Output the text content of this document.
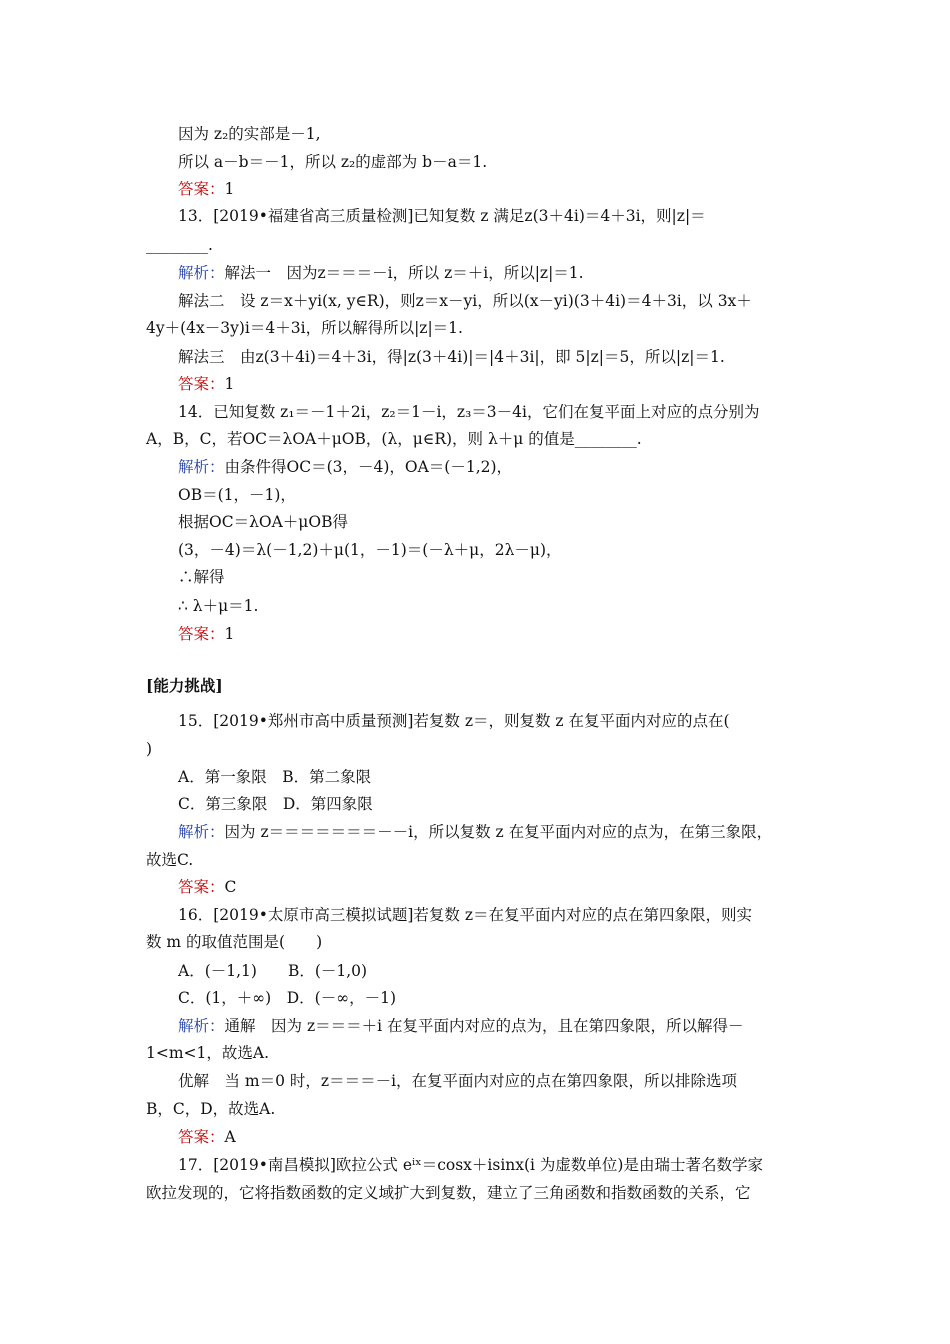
因为 z₂的实部是－1,
所以 a－b＝－1，所以 z₂的虚部为 b－a＝1.
答案：1
13．[2019•福建省高三质量检测]已知复数 z 满足z(3＋4i)＝4＋3i，则|z|＝
________.
解析：解法一　因为z＝＝＝－i，所以 z＝＋i，所以|z|＝1.
解法二　设 z＝x＋yi(x, y∈R)，则z＝x－yi，所以(x－yi)(3＋4i)＝4＋3i，以 3x＋
4y＋(4x－3y)i＝4＋3i，所以解得所以|z|＝1.
解法三　由z(3＋4i)＝4＋3i，得|z(3＋4i)|＝|4＋3i|，即 5|z|＝5，所以|z|＝1.
答案：1
14．已知复数 z₁＝－1＋2i，z₂＝1－i，z₃＝3－4i，它们在复平面上对应的点分别为
A，B，C，若OC＝λOA＋μOB，(λ，μ∈R)，则 λ＋μ 的值是________.
解析：由条件得OC＝(3，－4)，OA＝(－1,2)，
OB＝(1，－1)，
根据OC＝λOA＋μOB得
(3，－4)＝λ(－1,2)＋μ(1，－1)＝(－λ＋μ，2λ－μ)，
∴解得
∴ λ＋μ＝1.
答案：1
[能力挑战]
15．[2019•郑州市高中质量预测]若复数 z＝，则复数 z 在复平面内对应的点在(
)
A．第一象限　B．第二象限
C．第三象限　D．第四象限
解析：因为 z＝＝＝＝＝＝＝－－i，所以复数 z 在复平面内对应的点为，在第三象限，
故选C.
答案：C
16．[2019•太原市高三模拟试题]若复数 z＝在复平面内对应的点在第四象限，则实
数 m 的取值范围是(　　)
A．(－1,1)　　B．(－1,0)
C．(1，＋∞)　D．(－∞，－1)
解析：通解　因为 z＝＝＝＋i 在复平面内对应的点为，且在第四象限，所以解得－
1<m<1，故选A.
优解　当 m＝0 时，z＝＝＝－i，在复平面内对应的点在第四象限，所以排除选项
B，C，D，故选A.
答案：A
17．[2019•南昌模拟]欧拉公式 eⁱˣ＝cosx＋isinx(i 为虚数单位)是由瑞士著名数学家
欧拉发现的，它将指数函数的定义域扩大到复数，建立了三角函数和指数函数的关系，它
